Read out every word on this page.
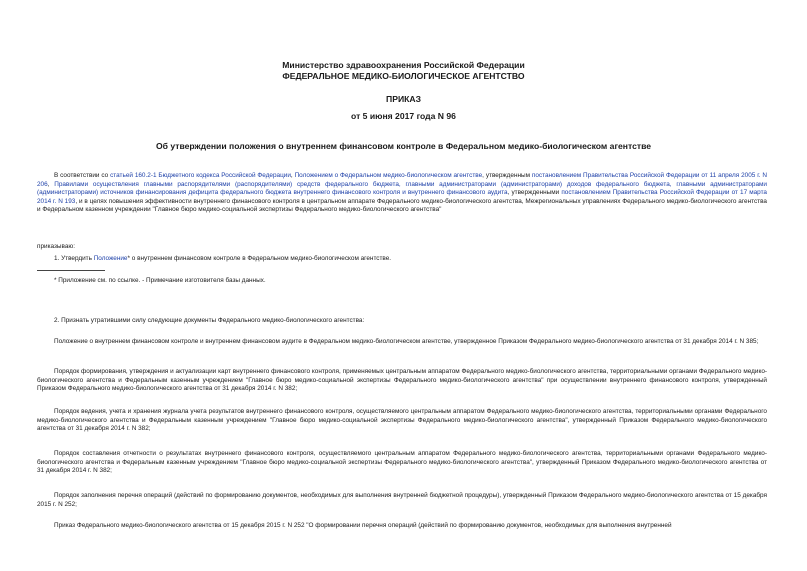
Министерство здравоохранения Российской Федерации
ФЕДЕРАЛЬНОЕ МЕДИКО-БИОЛОГИЧЕСКОЕ АГЕНТСТВО
ПРИКАЗ
от 5 июня 2017 года N 96
Об утверждении положения о внутреннем финансовом контроле в Федеральном медико-биологическом агентстве
В соответствии со статьей 160.2-1 Бюджетного кодекса Российской Федерации, Положением о Федеральном медико-биологическом агентстве, утвержденным постановлением Правительства Российской Федерации от 11 апреля 2005 г. N 206, Правилами осуществления главными распорядителями (распорядителями) средств федерального бюджета, главными администраторами (администраторами) доходов федерального бюджета, главными администраторами (администраторами) источников финансирования дефицита федерального бюджета внутреннего финансового контроля и внутреннего финансового аудита, утвержденными постановлением Правительства Российской Федерации от 17 марта 2014 г. N 193, и в целях повышения эффективности внутреннего финансового контроля в центральном аппарате Федерального медико-биологического агентства, Межрегиональных управлениях Федерального медико-биологического агентства и Федеральном казенном учреждении "Главное бюро медико-социальной экспертизы Федерального медико-биологического агентства"
приказываю:
1. Утвердить Положение* о внутреннем финансовом контроле в Федеральном медико-биологическом агентстве.
* Приложение см. по ссылке. - Примечание изготовителя базы данных.
2. Признать утратившими силу следующие документы Федерального медико-биологического агентства:
Положение о внутреннем финансовом контроле и внутреннем финансовом аудите в Федеральном медико-биологическом агентстве, утвержденное Приказом Федерального медико-биологического агентства от 31 декабря 2014 г. N 385;
Порядок формирования, утверждения и актуализации карт внутреннего финансового контроля, применяемых центральным аппаратом Федерального медико-биологического агентства, территориальными органами Федерального медико-биологического агентства и Федеральным казенным учреждением "Главное бюро медико-социальной экспертизы Федерального медико-биологического агентства" при осуществлении внутреннего финансового контроля, утвержденный Приказом Федерального медико-биологического агентства от 31 декабря 2014 г. N 382;
Порядок ведения, учета и хранения журнала учета результатов внутреннего финансового контроля, осуществляемого центральным аппаратом Федерального медико-биологического агентства, территориальными органами Федерального медико-биологического агентства и Федеральным казенным учреждением "Главное бюро медико-социальной экспертизы Федерального медико-биологического агентства", утвержденный Приказом Федерального медико-биологического агентства от 31 декабря 2014 г. N 382;
Порядок составления отчетности о результатах внутреннего финансового контроля, осуществляемого центральным аппаратом Федерального медико-биологического агентства, территориальными органами Федерального медико-биологического агентства и Федеральным казенным учреждением "Главное бюро медико-социальной экспертизы Федерального медико-биологического агентства", утвержденный Приказом Федерального медико-биологического агентства от 31 декабря 2014 г. N 382;
Порядок заполнения перечня операций (действий по формированию документов, необходимых для выполнения внутренней бюджетной процедуры), утвержденный Приказом Федерального медико-биологического агентства от 15 декабря 2015 г. N 252;
Приказ Федерального медико-биологического агентства от 15 декабря 2015 г. N 252 "О формировании перечня операций (действий по формированию документов, необходимых для выполнения внутренней
